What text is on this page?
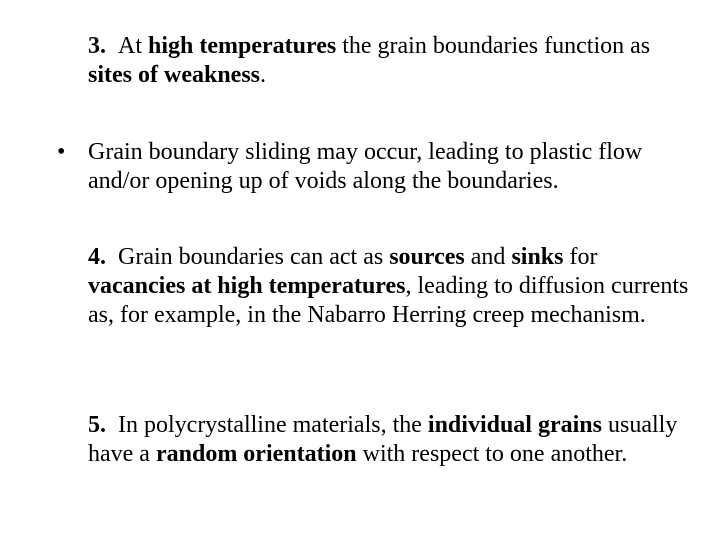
3. At high temperatures the grain boundaries function as sites of weakness.

• Grain boundary sliding may occur, leading to plastic flow and/or opening up of voids along the boundaries.

4. Grain boundaries can act as sources and sinks for vacancies at high temperatures, leading to diffusion currents as, for example, in the Nabarro Herring creep mechanism.

5. In polycrystalline materials, the individual grains usually have a random orientation with respect to one another.
